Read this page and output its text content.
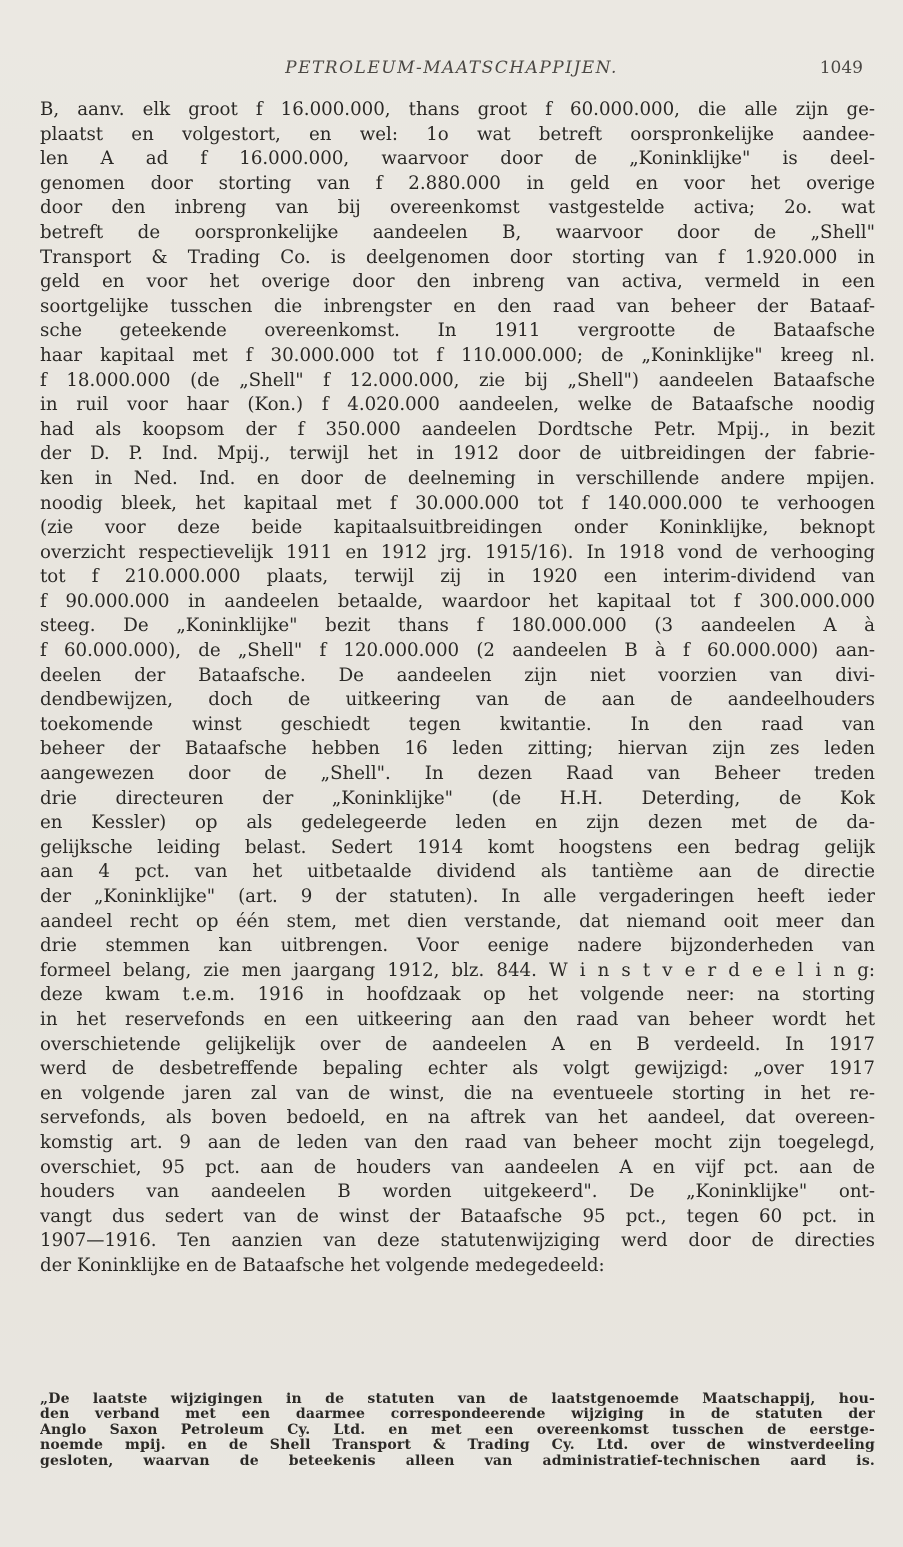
PETROLEUM-MAATSCHAPPIJEN.	1049
B, aanv. elk groot f 16.000.000, thans groot f 60.000.000, die alle zijn ge-
plaatst en volgestort, en wel: 1o wat betreft oorspronkelijke aandee-
len A ad f 16.000.000, waarvoor door de „Koninklijke" is deel-
genomen door storting van f 2.880.000 in geld en voor het overige
door den inbreng van bij overeenkomst vastgestelde activa; 2o. wat
betreft de oorspronkelijke aandeelen B, waarvoor door de „Shell"
Transport & Trading Co. is deelgenomen door storting van f 1.920.000 in
geld en voor het overige door den inbreng van activa, vermeld in een
soortgelijke tusschen die inbrengster en den raad van beheer der Bataaf-
sche geteekende overeenkomst. In 1911 vergrootte de Bataafsche
haar kapitaal met f 30.000.000 tot f 110.000.000; de „Koninklijke" kreeg nl.
f 18.000.000 (de „Shell" f 12.000.000, zie bij „Shell") aandeelen Bataafsche
in ruil voor haar (Kon.) f 4.020.000 aandeelen, welke de Bataafsche noodig
had als koopsom der f 350.000 aandeelen Dordtsche Petr. Mpij., in bezit
der D. P. Ind. Mpij., terwijl het in 1912 door de uitbreidingen der fabrie-
ken in Ned. Ind. en door de deelneming in verschillende andere mpijen.
noodig bleek, het kapitaal met f 30.000.000 tot f 140.000.000 te verhoogen
(zie voor deze beide kapitaalsuitbreidingen onder Koninklijke, beknopt
overzicht respectievelijk 1911 en 1912 jrg. 1915/16). In 1918 vond de verhooging
tot f 210.000.000 plaats, terwijl zij in 1920 een interim-dividend van
f 90.000.000 in aandeelen betaalde, waardoor het kapitaal tot f 300.000.000
steeg. De „Koninklijke" bezit thans f 180.000.000 (3 aandeelen A à
f 60.000.000), de „Shell" f 120.000.000 (2 aandeelen B à f 60.000.000) aan-
deelen der Bataafsche. De aandeelen zijn niet voorzien van divi-
dendbewijzen, doch de uitkeering van de aan de aandeelhouders
toekomende winst geschiedt tegen kwitantie. In den raad van
beheer der Bataafsche hebben 16 leden zitting; hiervan zijn zes leden
aangewezen door de „Shell". In dezen Raad van Beheer treden
drie directeuren der „Koninklijke" (de H.H. Deterding, de Kok
en Kessler) op als gedelegeerde leden en zijn dezen met de da-
gelijksche leiding belast. Sedert 1914 komt hoogstens een bedrag gelijk
aan 4 pct. van het uitbetaalde dividend als tantième aan de directie
der „Koninklijke" (art. 9 der statuten). In alle vergaderingen heeft ieder
aandeel recht op één stem, met dien verstande, dat niemand ooit meer dan
drie stemmen kan uitbrengen. Voor eenige nadere bijzonderheden van
formeel belang, zie men jaargang 1912, blz. 844. W i n s t v e r d e e l i n g:
deze kwam t.e.m. 1916 in hoofdzaak op het volgende neer: na storting
in het reservefonds en een uitkeering aan den raad van beheer wordt het
overschietende gelijkelijk over de aandeelen A en B verdeeld. In 1917
werd de desbetreffende bepaling echter als volgt gewijzigd: „over 1917
en volgende jaren zal van de winst, die na eventueele storting in het re-
servefonds, als boven bedoeld, en na aftrek van het aandeel, dat overeen-
komstig art. 9 aan de leden van den raad van beheer mocht zijn toegelegd,
overschiet, 95 pct. aan de houders van aandeelen A en vijf pct. aan de
houders van aandeelen B worden uitgekeerd". De „Koninklijke" ont-
vangt dus sedert van de winst der Bataafsche 95 pct., tegen 60 pct. in
1907—1916. Ten aanzien van deze statutenwijziging werd door de directies
der Koninklijke en de Bataafsche het volgende medegedeeld:
„De laatste wijzigingen in de statuten van de laatstgenoemde Maatschappij, hou-
den verband met een daarmee correspondeerende wijziging in de statuten der
Anglo Saxon Petroleum Cy. Ltd. en met een overeenkomst tusschen de eerstge-
noemde mpij. en de Shell Transport & Trading Cy. Ltd. over de winstverdeeling
gesloten, waarvan de beteekenis alleen van administratief-technischen aard is.
